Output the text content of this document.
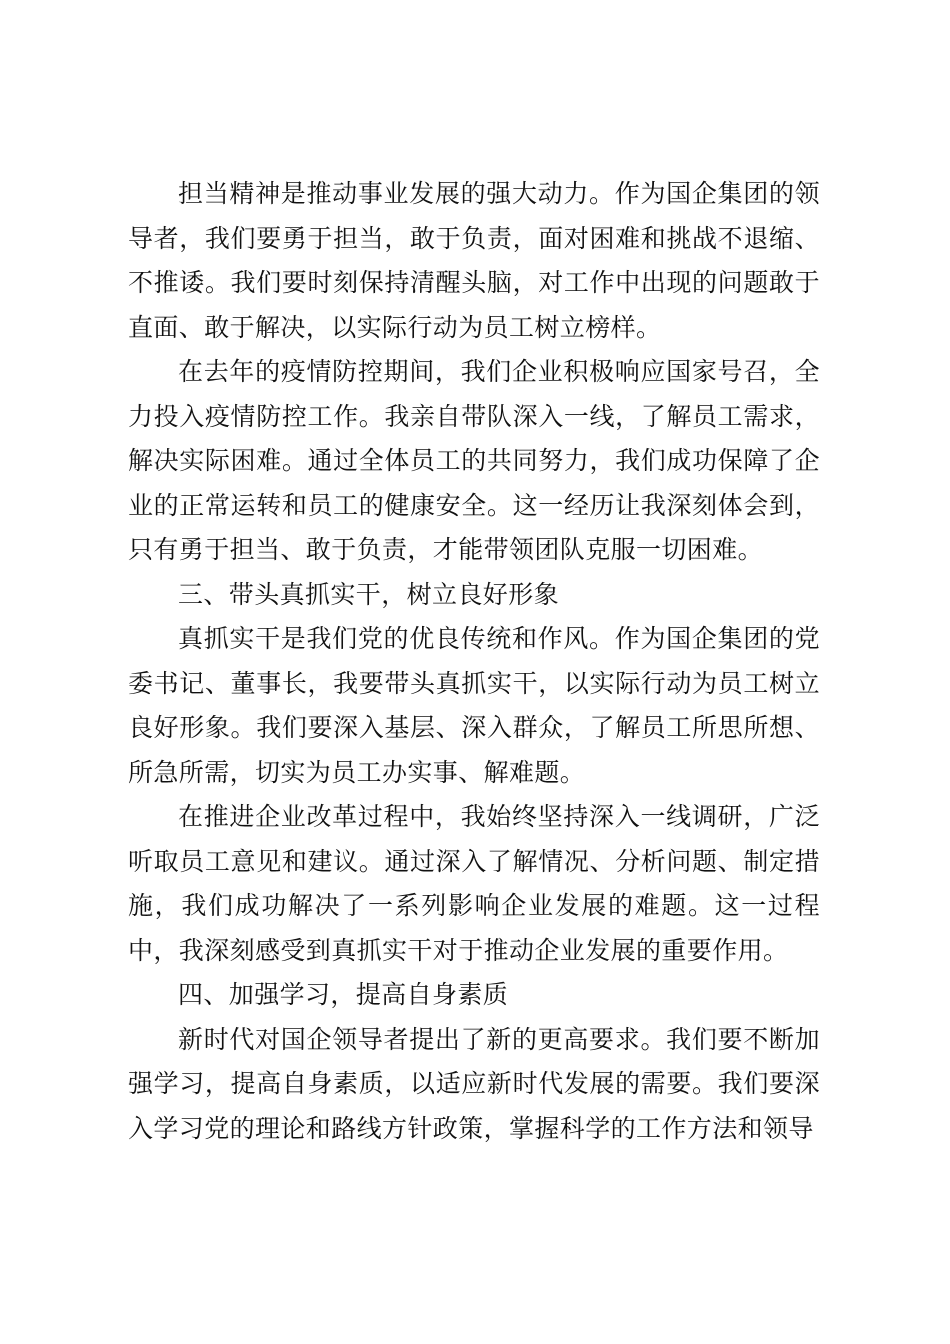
担当精神是推动事业发展的强大动力。作为国企集团的领导者，我们要勇于担当，敢于负责，面对困难和挑战不退缩、不推诿。我们要时刻保持清醒头脑，对工作中出现的问题敢于直面、敢于解决，以实际行动为员工树立榜样。

在去年的疫情防控期间，我们企业积极响应国家号召，全力投入疫情防控工作。我亲自带队深入一线，了解员工需求，解决实际困难。通过全体员工的共同努力，我们成功保障了企业的正常运转和员工的健康安全。这一经历让我深刻体会到，只有勇于担当、敢于负责，才能带领团队克服一切困难。

三、带头真抓实干，树立良好形象

真抓实干是我们党的优良传统和作风。作为国企集团的党委书记、董事长，我要带头真抓实干，以实际行动为员工树立良好形象。我们要深入基层、深入群众，了解员工所思所想、所急所需，切实为员工办实事、解难题。

在推进企业改革过程中，我始终坚持深入一线调研，广泛听取员工意见和建议。通过深入了解情况、分析问题、制定措施，我们成功解决了一系列影响企业发展的难题。这一过程中，我深刻感受到真抓实干对于推动企业发展的重要作用。

四、加强学习，提高自身素质

新时代对国企领导者提出了新的更高要求。我们要不断加强学习，提高自身素质，以适应新时代发展的需要。我们要深入学习党的理论和路线方针政策，掌握科学的工作方法和领导
